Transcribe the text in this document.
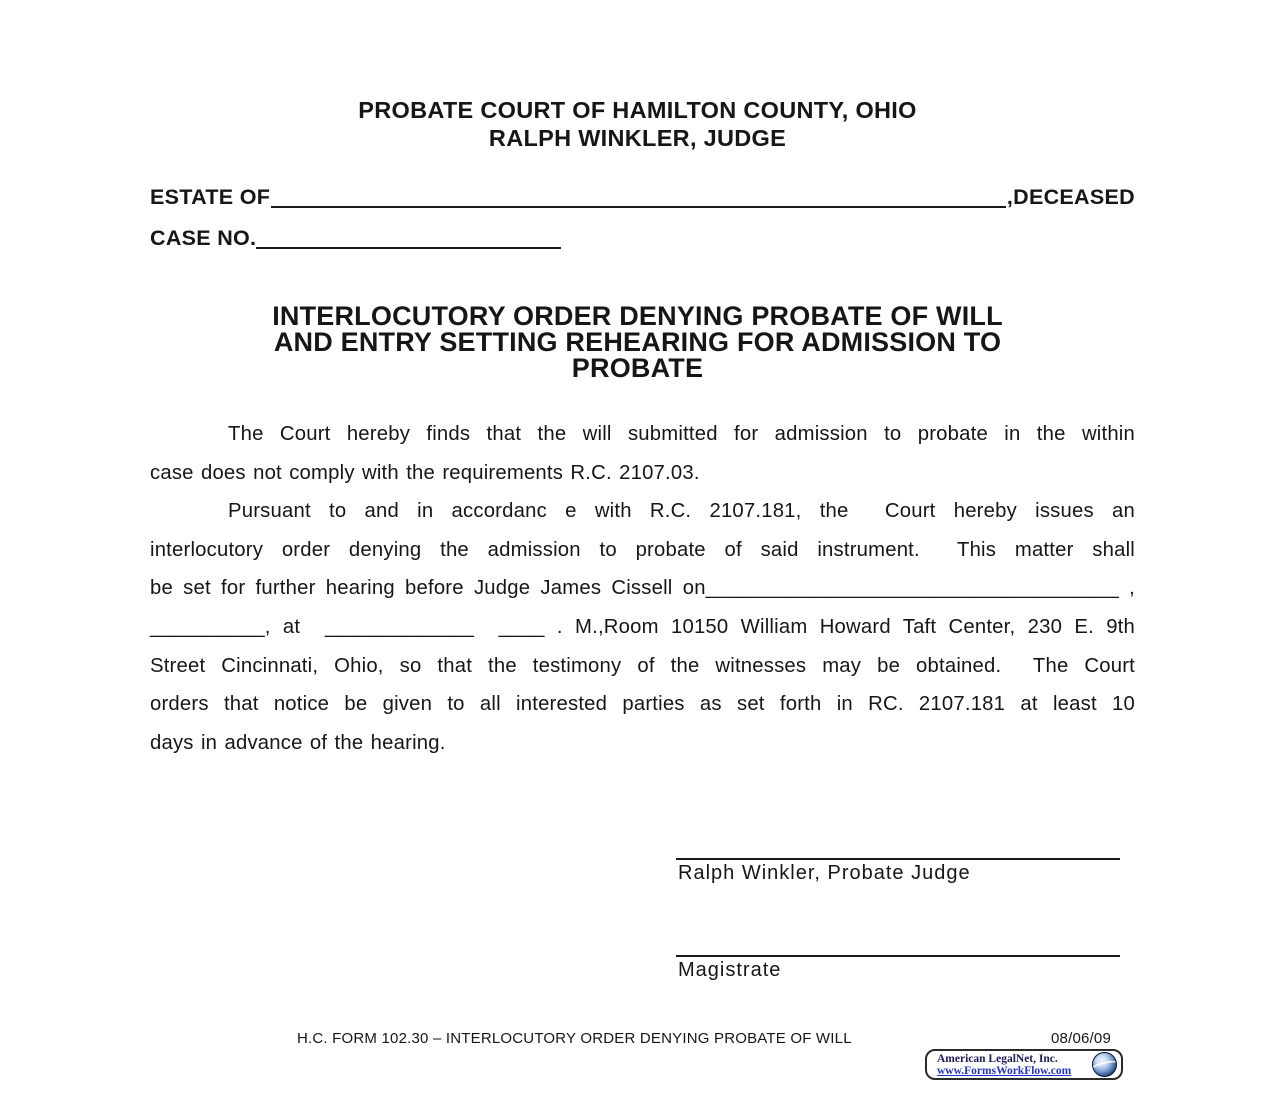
PROBATE COURT OF HAMILTON COUNTY, OHIO
RALPH WINKLER, JUDGE
ESTATE OF	,DECEASED
CASE NO.
INTERLOCUTORY ORDER DENYING PROBATE OF WILL
AND ENTRY SETTING REHEARING FOR ADMISSION TO
PROBATE
The Court hereby finds that the will submitted for admission to probate in the within
case does not comply with the requirements R.C. 2107.03.
Pursuant to and in accordanc e with R.C. 2107.181, the  Court hereby issues an
interlocutory order denying the admission to probate of said instrument.  This matter shall
be set for further hearing before Judge James Cissell on____________________________________ ,
__________, at  _____________  ____ . M.,Room 10150 William Howard Taft Center, 230 E. 9th
Street Cincinnati, Ohio, so that the testimony of the witnesses may be obtained.  The Court
orders that notice be given to all interested parties as set forth in RC. 2107.181 at least 10
days in advance of the hearing.
Ralph Winkler, Probate Judge
Magistrate
H.C. FORM 102.30 – INTERLOCUTORY ORDER DENYING PROBATE OF WILL	08/06/09
American LegalNet, Inc.
www.FormsWorkFlow.com
